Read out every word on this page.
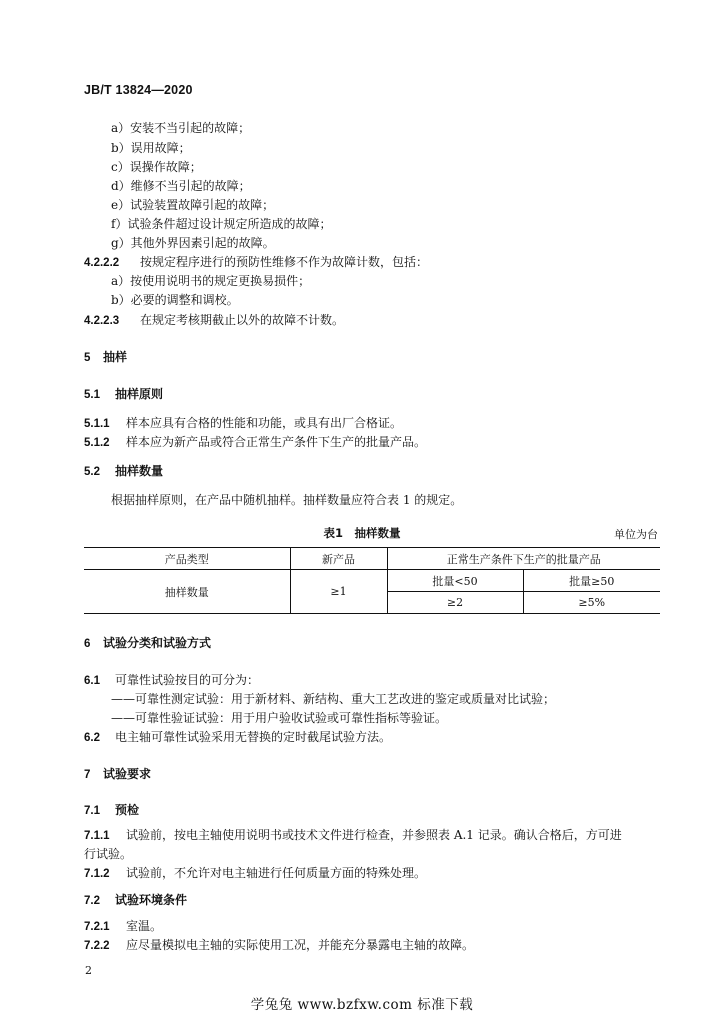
JB/T 13824—2020
a）安装不当引起的故障；
b）误用故障；
c）误操作故障；
d）维修不当引起的故障；
e）试验装置故障引起的故障；
f）试验条件超过设计规定所造成的故障；
g）其他外界因素引起的故障。
4.2.2.2 按规定程序进行的预防性维修不作为故障计数，包括：
a）按使用说明书的规定更换易损件；
b）必要的调整和调校。
4.2.2.3 在规定考核期截止以外的故障不计数。
5 抽样
5.1 抽样原则
5.1.1 样本应具有合格的性能和功能，或具有出厂合格证。
5.1.2 样本应为新产品或符合正常生产条件下生产的批量产品。
5.2 抽样数量
根据抽样原则，在产品中随机抽样。抽样数量应符合表 1 的规定。
表1　抽样数量	单位为台
产品类型	新产品	正常生产条件下生产的批量产品	
抽样数量	≥1	批量<50	批量≥50
		≥2	≥5%
6 试验分类和试验方式
6.1 可靠性试验按目的可分为：
——可靠性测定试验：用于新材料、新结构、重大工艺改进的鉴定或质量对比试验；
——可靠性验证试验：用于用户验收试验或可靠性指标等验证。
6.2 电主轴可靠性试验采用无替换的定时截尾试验方法。
7 试验要求
7.1 预检
7.1.1 试验前，按电主轴使用说明书或技术文件进行检查，并参照表 A.1 记录。确认合格后，方可进
行试验。
7.1.2 试验前，不允许对电主轴进行任何质量方面的特殊处理。
7.2 试验环境条件
7.2.1 室温。
7.2.2 应尽量模拟电主轴的实际使用工况，并能充分暴露电主轴的故障。
2
学兔兔 www.bzfxw.com 标准下载
